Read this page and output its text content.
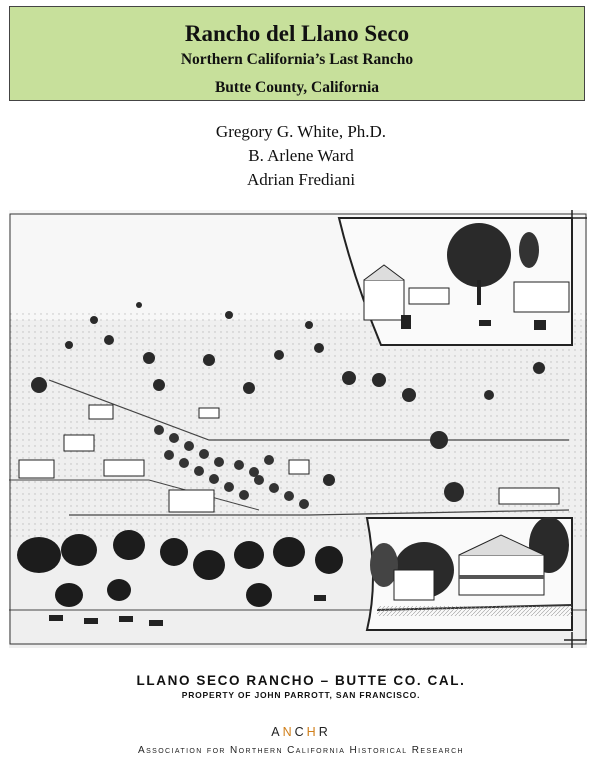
Rancho del Llano Seco
Northern California’s Last Rancho
Butte County, California
Gregory G. White, Ph.D.
B. Arlene Ward
Adrian Frediani
LLANO SECO RANCHO – BUTTE CO. CAL.
PROPERTY OF JOHN PARROTT, SAN FRANCISCO.
ANCHR
Association for Northern California Historical Research
